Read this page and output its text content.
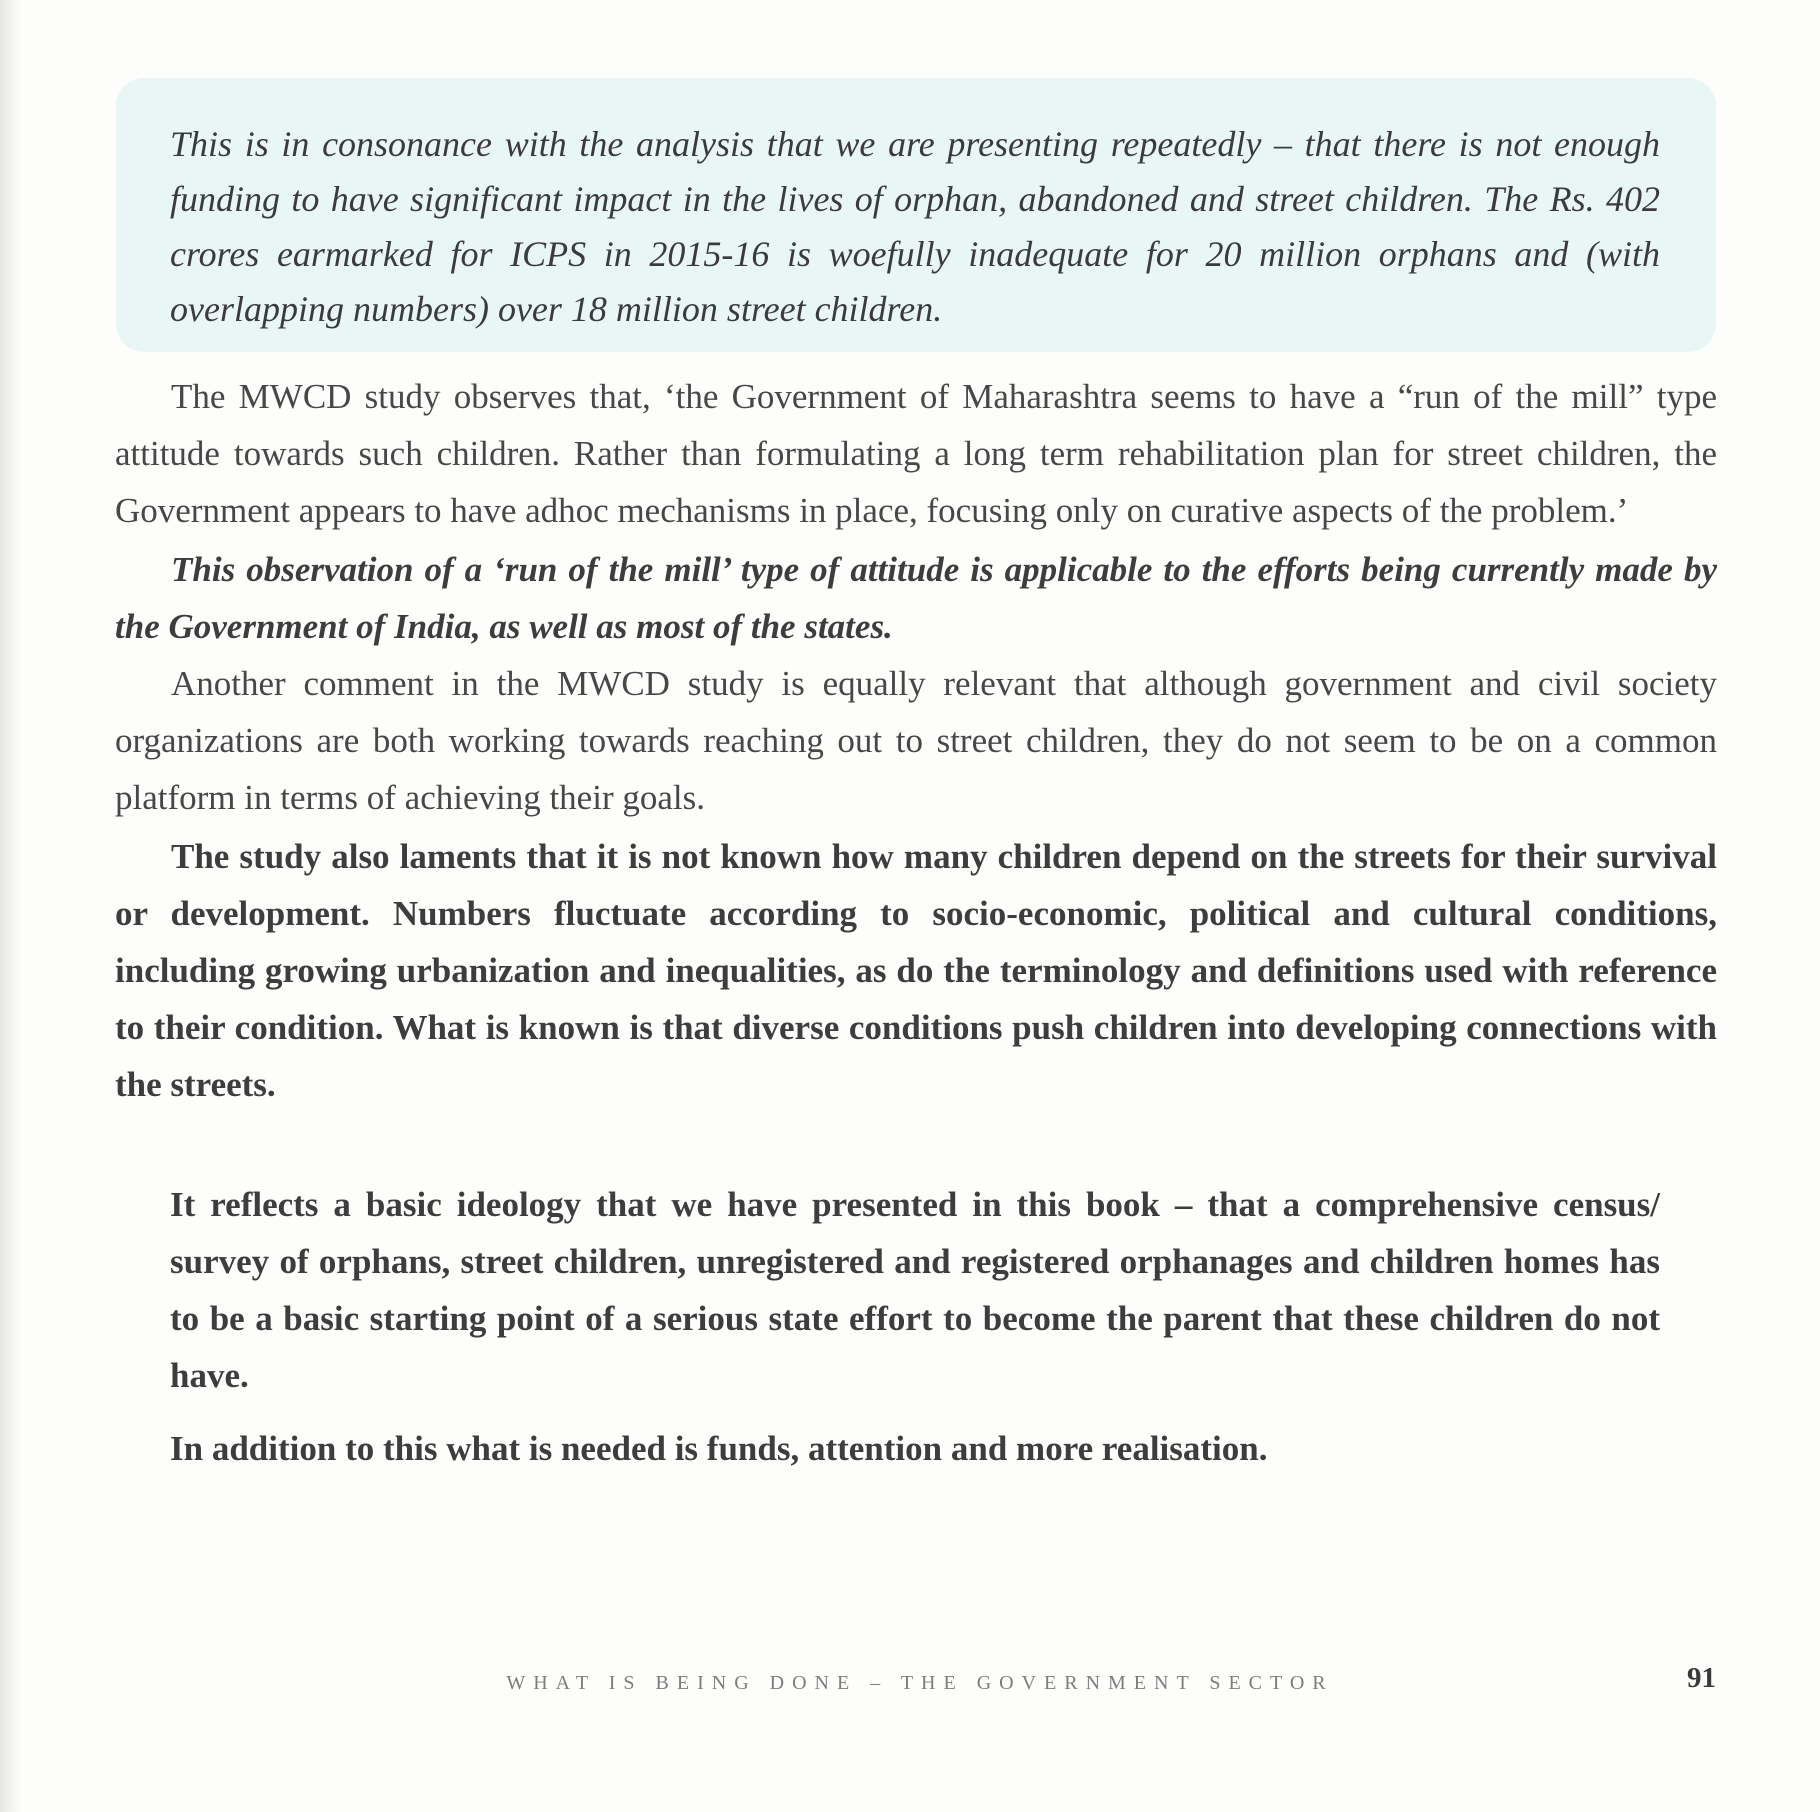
This is in consonance with the analysis that we are presenting repeatedly – that there is not enough funding to have significant impact in the lives of orphan, abandoned and street children. The Rs. 402 crores earmarked for ICPS in 2015-16 is woefully inadequate for 20 million orphans and (with overlapping numbers) over 18 million street children.

The MWCD study observes that, ‘the Government of Maharashtra seems to have a “run of the mill” type attitude towards such children. Rather than formulating a long term rehabilitation plan for street children, the Government appears to have adhoc mechanisms in place, focusing only on curative aspects of the problem.’

This observation of a ‘run of the mill’ type of attitude is applicable to the efforts being currently made by the Government of India, as well as most of the states.

Another comment in the MWCD study is equally relevant that although government and civil society organizations are both working towards reaching out to street children, they do not seem to be on a common platform in terms of achieving their goals.

The study also laments that it is not known how many children depend on the streets for their survival or development. Numbers fluctuate according to socio-economic, political and cultural conditions, including growing urbanization and inequalities, as do the terminology and definitions used with reference to their condition. What is known is that diverse conditions push children into developing connections with the streets.

It reflects a basic ideology that we have presented in this book – that a comprehensive census/ survey of orphans, street children, unregistered and registered orphanages and children homes has to be a basic starting point of a serious state effort to become the parent that these children do not have.

In addition to this what is needed is funds, attention and more realisation.

WHAT IS BEING DONE – THE GOVERNMENT SECTOR	91
